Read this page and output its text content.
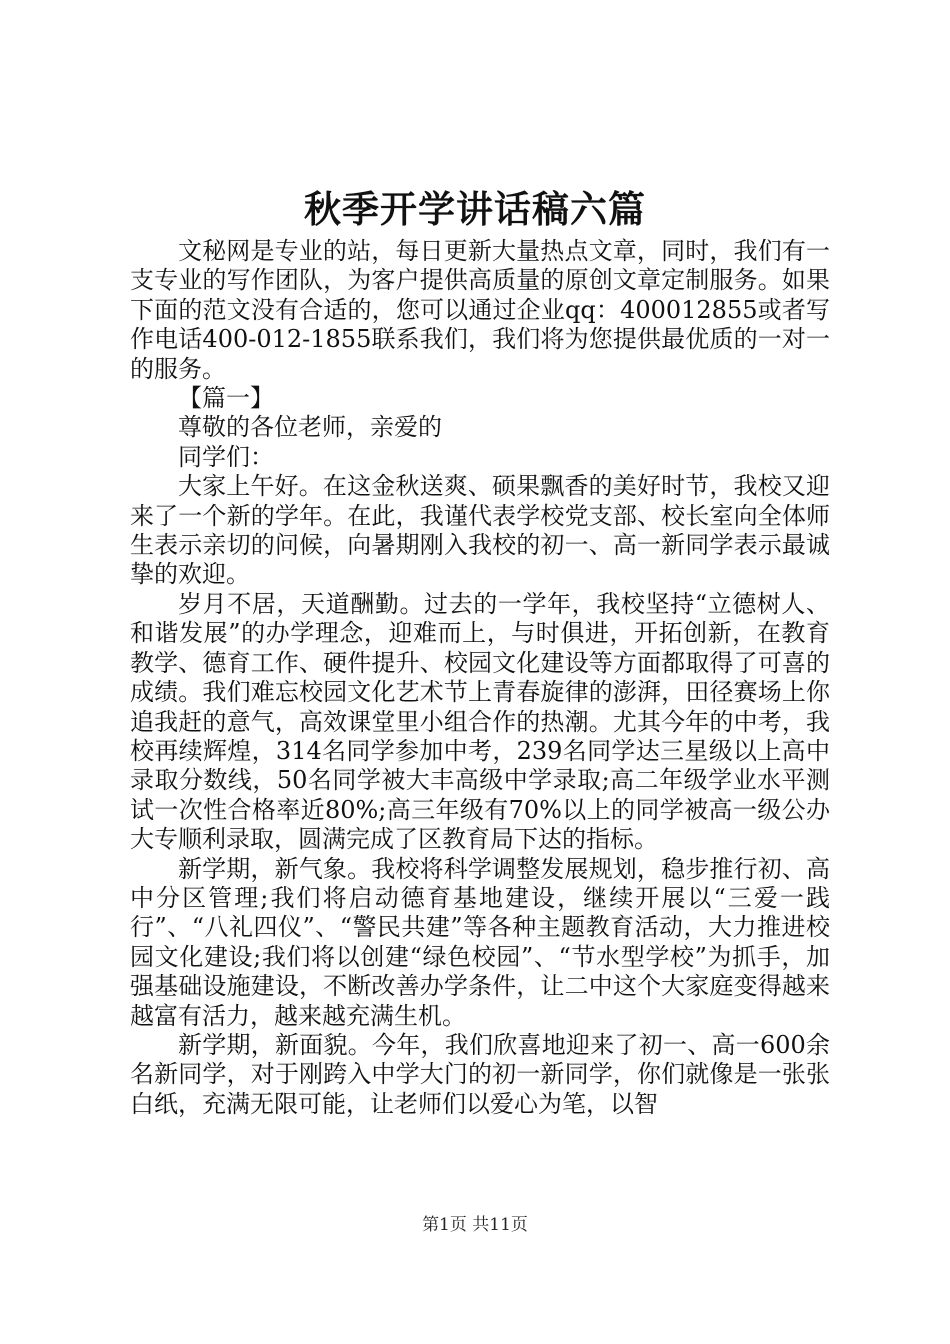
秋季开学讲话稿六篇

文秘网是专业的站，每日更新大量热点文章，同时，我们有一支专业的写作团队，为客户提供高质量的原创文章定制服务。如果下面的范文没有合适的，您可以通过企业qq：400012855或者写作电话400-012-1855联系我们，我们将为您提供最优质的一对一的服务。

【篇一】

尊敬的各位老师，亲爱的

同学们：

大家上午好。在这金秋送爽、硕果飘香的美好时节，我校又迎来了一个新的学年。在此，我谨代表学校党支部、校长室向全体师生表示亲切的问候，向暑期刚入我校的初一、高一新同学表示最诚挚的欢迎。

岁月不居，天道酬勤。过去的一学年，我校坚持“立德树人、和谐发展”的办学理念，迎难而上，与时俱进，开拓创新，在教育教学、德育工作、硬件提升、校园文化建设等方面都取得了可喜的成绩。我们难忘校园文化艺术节上青春旋律的澎湃，田径赛场上你追我赶的意气，高效课堂里小组合作的热潮。尤其今年的中考，我校再续辉煌，314名同学参加中考，239名同学达三星级以上高中录取分数线，50名同学被大丰高级中学录取;高二年级学业水平测试一次性合格率近80%;高三年级有70%以上的同学被高一级公办大专顺利录取，圆满完成了区教育局下达的指标。

新学期，新气象。我校将科学调整发展规划，稳步推行初、高中分区管理;我们将启动德育基地建设，继续开展以“三爱一践行”、“八礼四仪”、“警民共建”等各种主题教育活动，大力推进校园文化建设;我们将以创建“绿色校园”、“节水型学校”为抓手，加强基础设施建设，不断改善办学条件，让二中这个大家庭变得越来越富有活力，越来越充满生机。

新学期，新面貌。今年，我们欣喜地迎来了初一、高一600余名新同学，对于刚跨入中学大门的初一新同学，你们就像是一张张白纸，充满无限可能，让老师们以爱心为笔，以智

第1页 共11页
